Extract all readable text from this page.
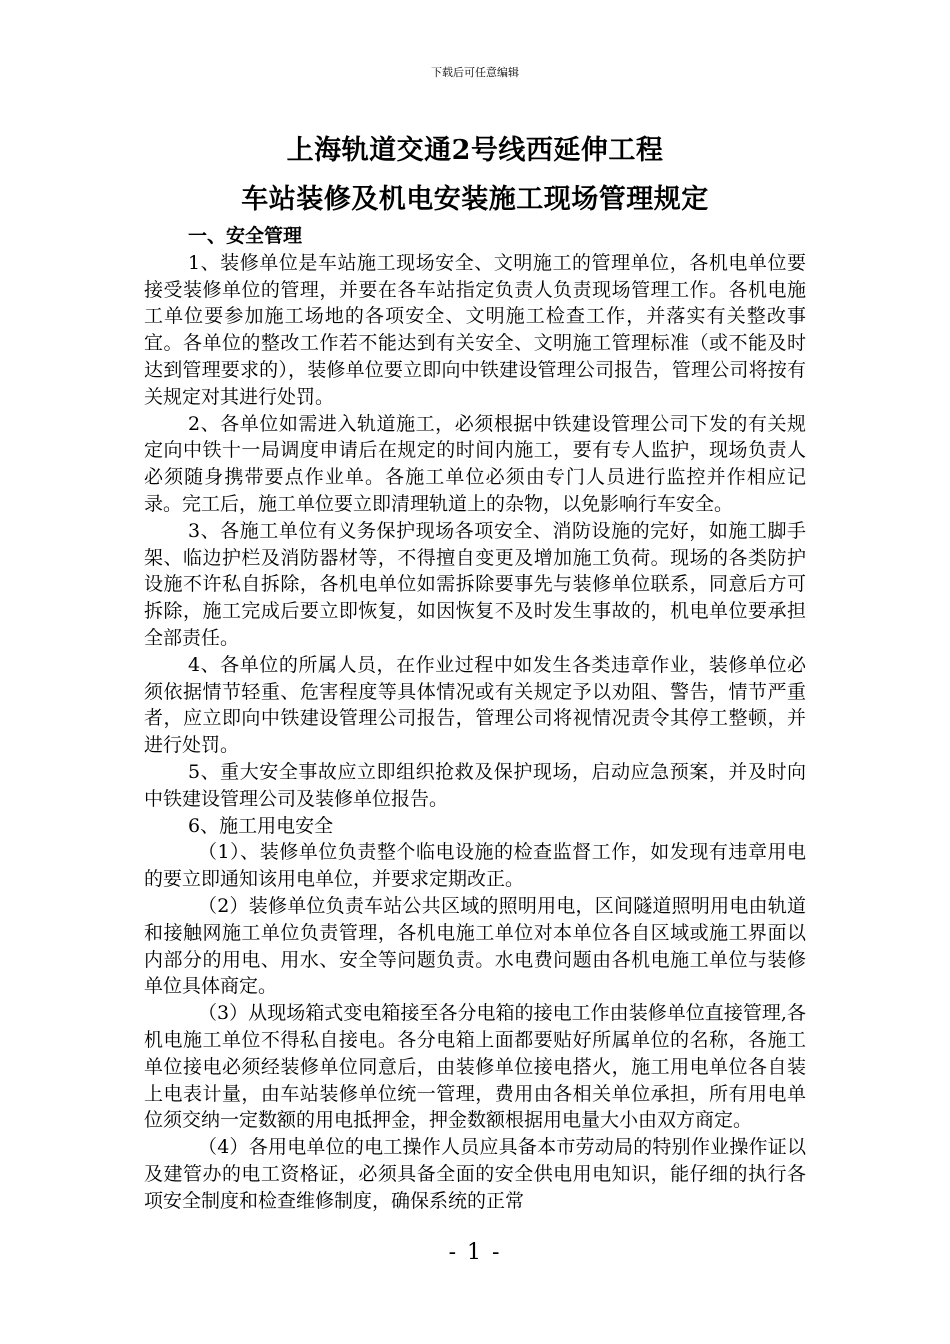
下载后可任意编辑
上海轨道交通2号线西延伸工程
车站装修及机电安装施工现场管理规定

一、安全管理

1、装修单位是车站施工现场安全、文明施工的管理单位，各机电单位要接受装修单位的管理，并要在各车站指定负责人负责现场管理工作。各机电施工单位要参加施工场地的各项安全、文明施工检查工作，并落实有关整改事宜。各单位的整改工作若不能达到有关安全、文明施工管理标准（或不能及时达到管理要求的），装修单位要立即向中铁建设管理公司报告，管理公司将按有关规定对其进行处罚。

2、各单位如需进入轨道施工，必须根据中铁建设管理公司下发的有关规定向中铁十一局调度申请后在规定的时间内施工，要有专人监护，现场负责人必须随身携带要点作业单。各施工单位必须由专门人员进行监控并作相应记录。完工后，施工单位要立即清理轨道上的杂物，以免影响行车安全。

3、各施工单位有义务保护现场各项安全、消防设施的完好，如施工脚手架、临边护栏及消防器材等，不得擅自变更及增加施工负荷。现场的各类防护设施不许私自拆除，各机电单位如需拆除要事先与装修单位联系，同意后方可拆除，施工完成后要立即恢复，如因恢复不及时发生事故的，机电单位要承担全部责任。

4、各单位的所属人员，在作业过程中如发生各类违章作业，装修单位必须依据情节轻重、危害程度等具体情况或有关规定予以劝阻、警告，情节严重者，应立即向中铁建设管理公司报告，管理公司将视情况责令其停工整顿，并进行处罚。

5、重大安全事故应立即组织抢救及保护现场，启动应急预案，并及时向中铁建设管理公司及装修单位报告。

6、施工用电安全

（1）、装修单位负责整个临电设施的检查监督工作，如发现有违章用电的要立即通知该用电单位，并要求定期改正。

（2）装修单位负责车站公共区域的照明用电，区间隧道照明用电由轨道和接触网施工单位负责管理，各机电施工单位对本单位各自区域或施工界面以内部分的用电、用水、安全等问题负责。水电费问题由各机电施工单位与装修单位具体商定。

（3）从现场箱式变电箱接至各分电箱的接电工作由装修单位直接管理,各机电施工单位不得私自接电。各分电箱上面都要贴好所属单位的名称，各施工单位接电必须经装修单位同意后，由装修单位接电搭火，施工用电单位各自装上电表计量，由车站装修单位统一管理，费用由各相关单位承担，所有用电单位须交纳一定数额的用电抵押金，押金数额根据用电量大小由双方商定。

（4）各用电单位的电工操作人员应具备本市劳动局的特别作业操作证以及建管办的电工资格证，必须具备全面的安全供电用电知识，能仔细的执行各项安全制度和检查维修制度，确保系统的正常

- 1 -
